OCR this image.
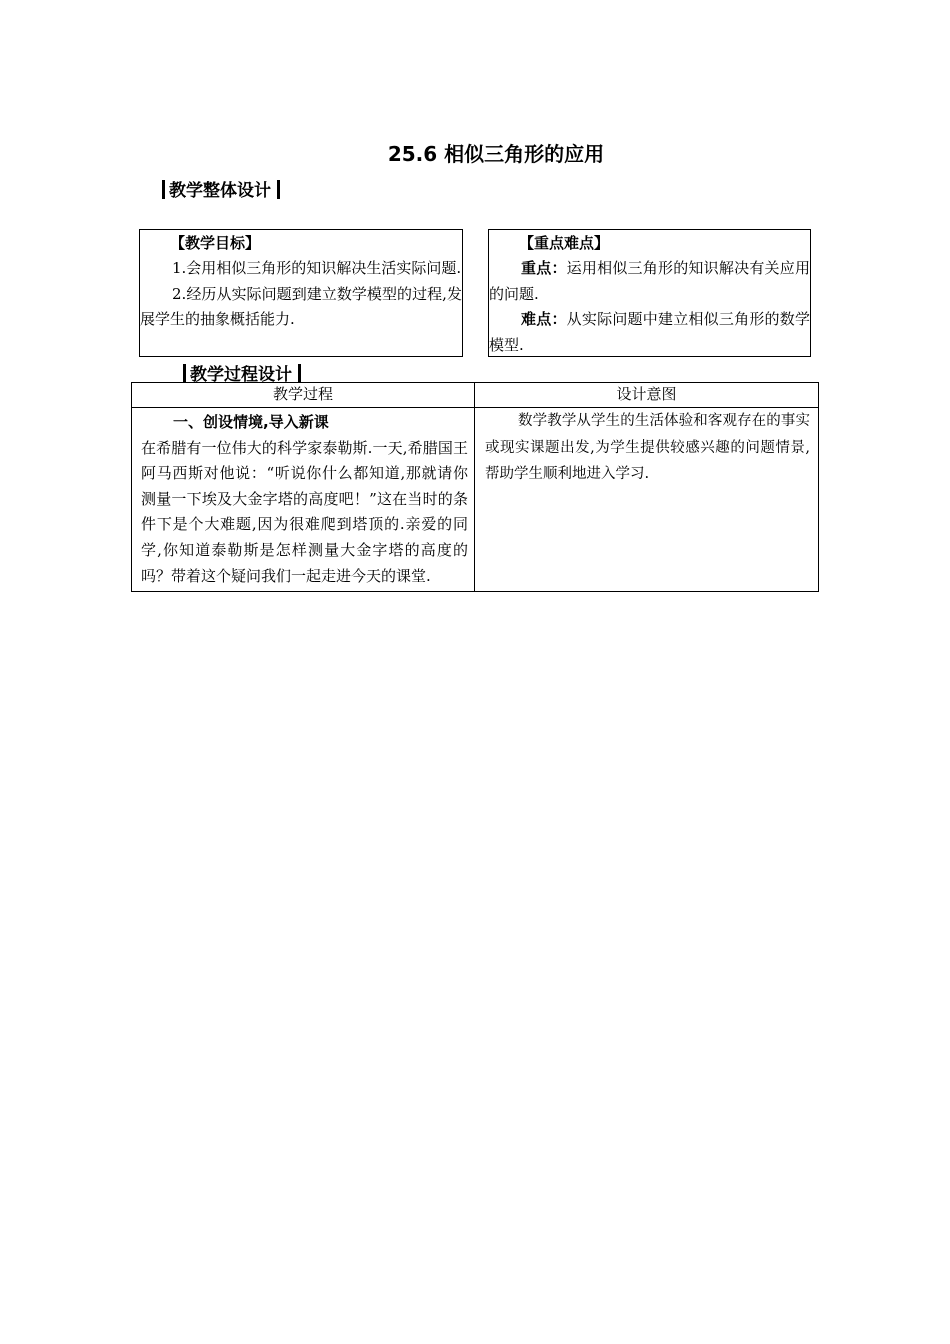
25.6 相似三角形的应用
教学整体设计
【教学目标】

1.会用相似三角形的知识解决生活实际问题.

2.经历从实际问题到建立数学模型的过程,发展学生的抽象概括能力.

【重点难点】

重点：运用相似三角形的知识解决有关应用的问题.

难点：从实际问题中建立相似三角形的数学模型.

教学过程设计
教学过程	设计意图

一、创设情境,导入新课
在希腊有一位伟大的科学家泰勒斯.一天,希腊国王阿马西斯对他说：“听说你什么都知道,那就请你测量一下埃及大金字塔的高度吧！”这在当时的条件下是个大难题,因为很难爬到塔顶的.亲爱的同学,你知道泰勒斯是怎样测量大金字塔的高度的吗？带着这个疑问我们一起走进今天的课堂.	数学教学从学生的生活体验和客观存在的事实或现实课题出发,为学生提供较感兴趣的问题情景,帮助学生顺利地进入学习.
